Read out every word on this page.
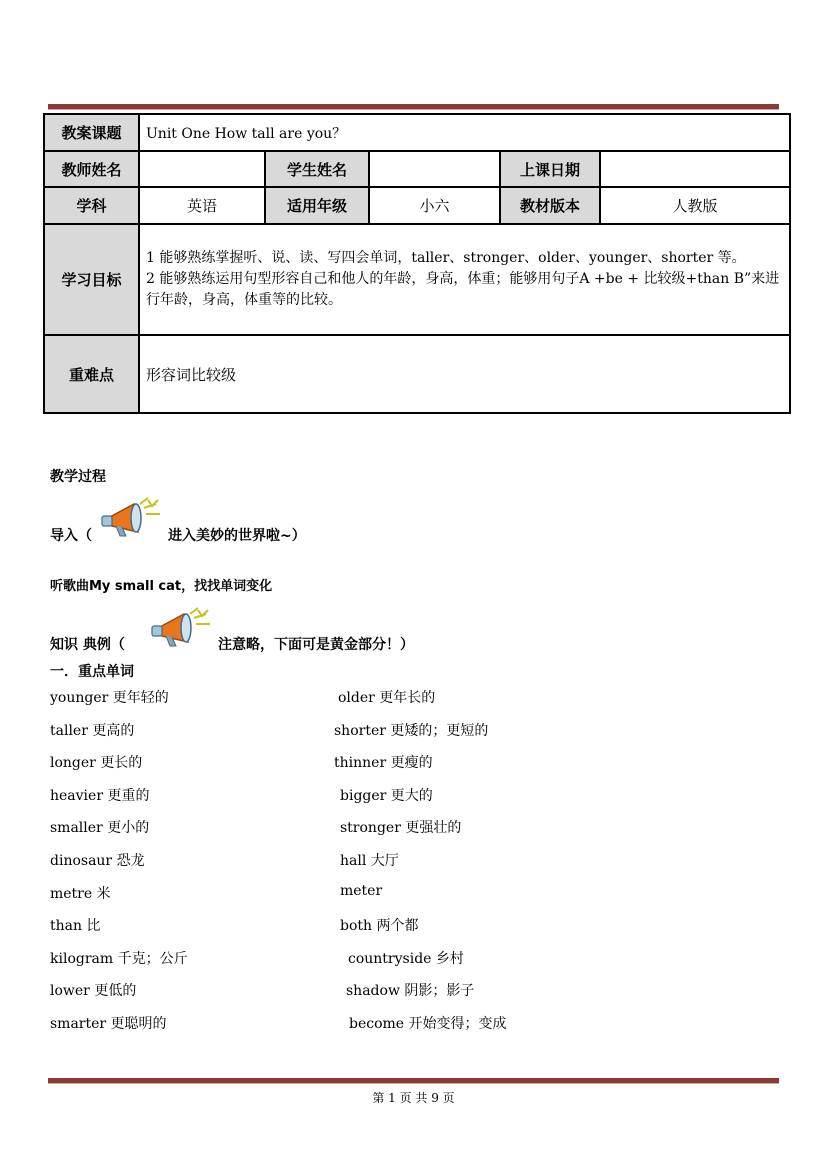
教案课题	Unit One How tall are you？				
教师姓名		学生姓名		上课日期	
学科	英语	适用年级	小六	教材版本	人教版
学习目标	1 能够熟练掌握听、说、读、写四会单词，taller、stronger、older、younger、shorter 等。
2 能够熟练运用句型形容自己和他人的年龄，身高，体重；能够用句子A +be + 比较级+than B”来进行年龄，身高，体重等的比较。				

重难点	形容词比较级				
教学过程
导入（	进入美妙的世界啦~）
听歌曲My small cat，找找单词变化
知识 典例（	注意略，下面可是黄金部分！）
一．重点单词
younger 更年轻的	older 更年长的
taller 更高的	shorter 更矮的；更短的
longer 更长的	thinner 更瘦的
heavier 更重的	bigger 更大的
smaller 更小的	stronger 更强壮的
dinosaur 恐龙	hall 大厅
metre 米	meter
than 比	both 两个都
kilogram 千克；公斤	countryside 乡村
lower 更低的	shadow 阴影；影子
smarter 更聪明的	become 开始变得；变成
第 1 页 共 9 页
